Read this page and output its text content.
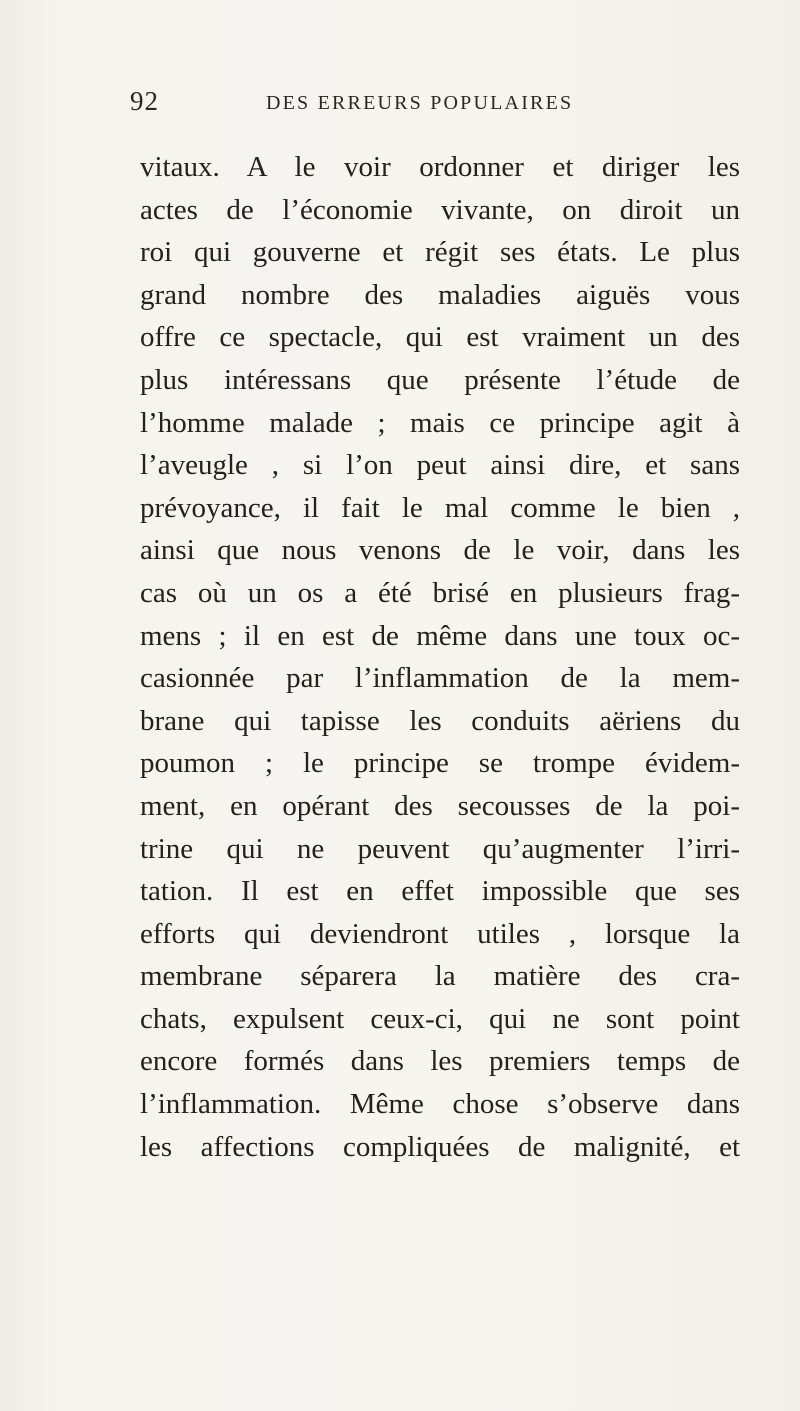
92	DES ERREURS POPULAIRES
vitaux. A le voir ordonner et diriger les
actes de l’économie vivante, on diroit un
roi qui gouverne et régit ses états. Le plus
grand nombre des maladies aiguës vous
offre ce spectacle, qui est vraiment un des
plus intéressans que présente l’étude de
l’homme malade ; mais ce principe agit à
l’aveugle , si l’on peut ainsi dire, et sans
prévoyance, il fait le mal comme le bien ,
ainsi que nous venons de le voir, dans les
cas où un os a été brisé en plusieurs frag-
mens ; il en est de même dans une toux oc-
casionnée par l’inflammation de la mem-
brane qui tapisse les conduits aëriens du
poumon ; le principe se trompe évidem-
ment, en opérant des secousses de la poi-
trine qui ne peuvent qu’augmenter l’irri-
tation. Il est en effet impossible que ses
efforts qui deviendront utiles , lorsque la
membrane séparera la matière des cra-
chats, expulsent ceux-ci, qui ne sont point
encore formés dans les premiers temps de
l’inflammation. Même chose s’observe dans
les affections compliquées de malignité, et
